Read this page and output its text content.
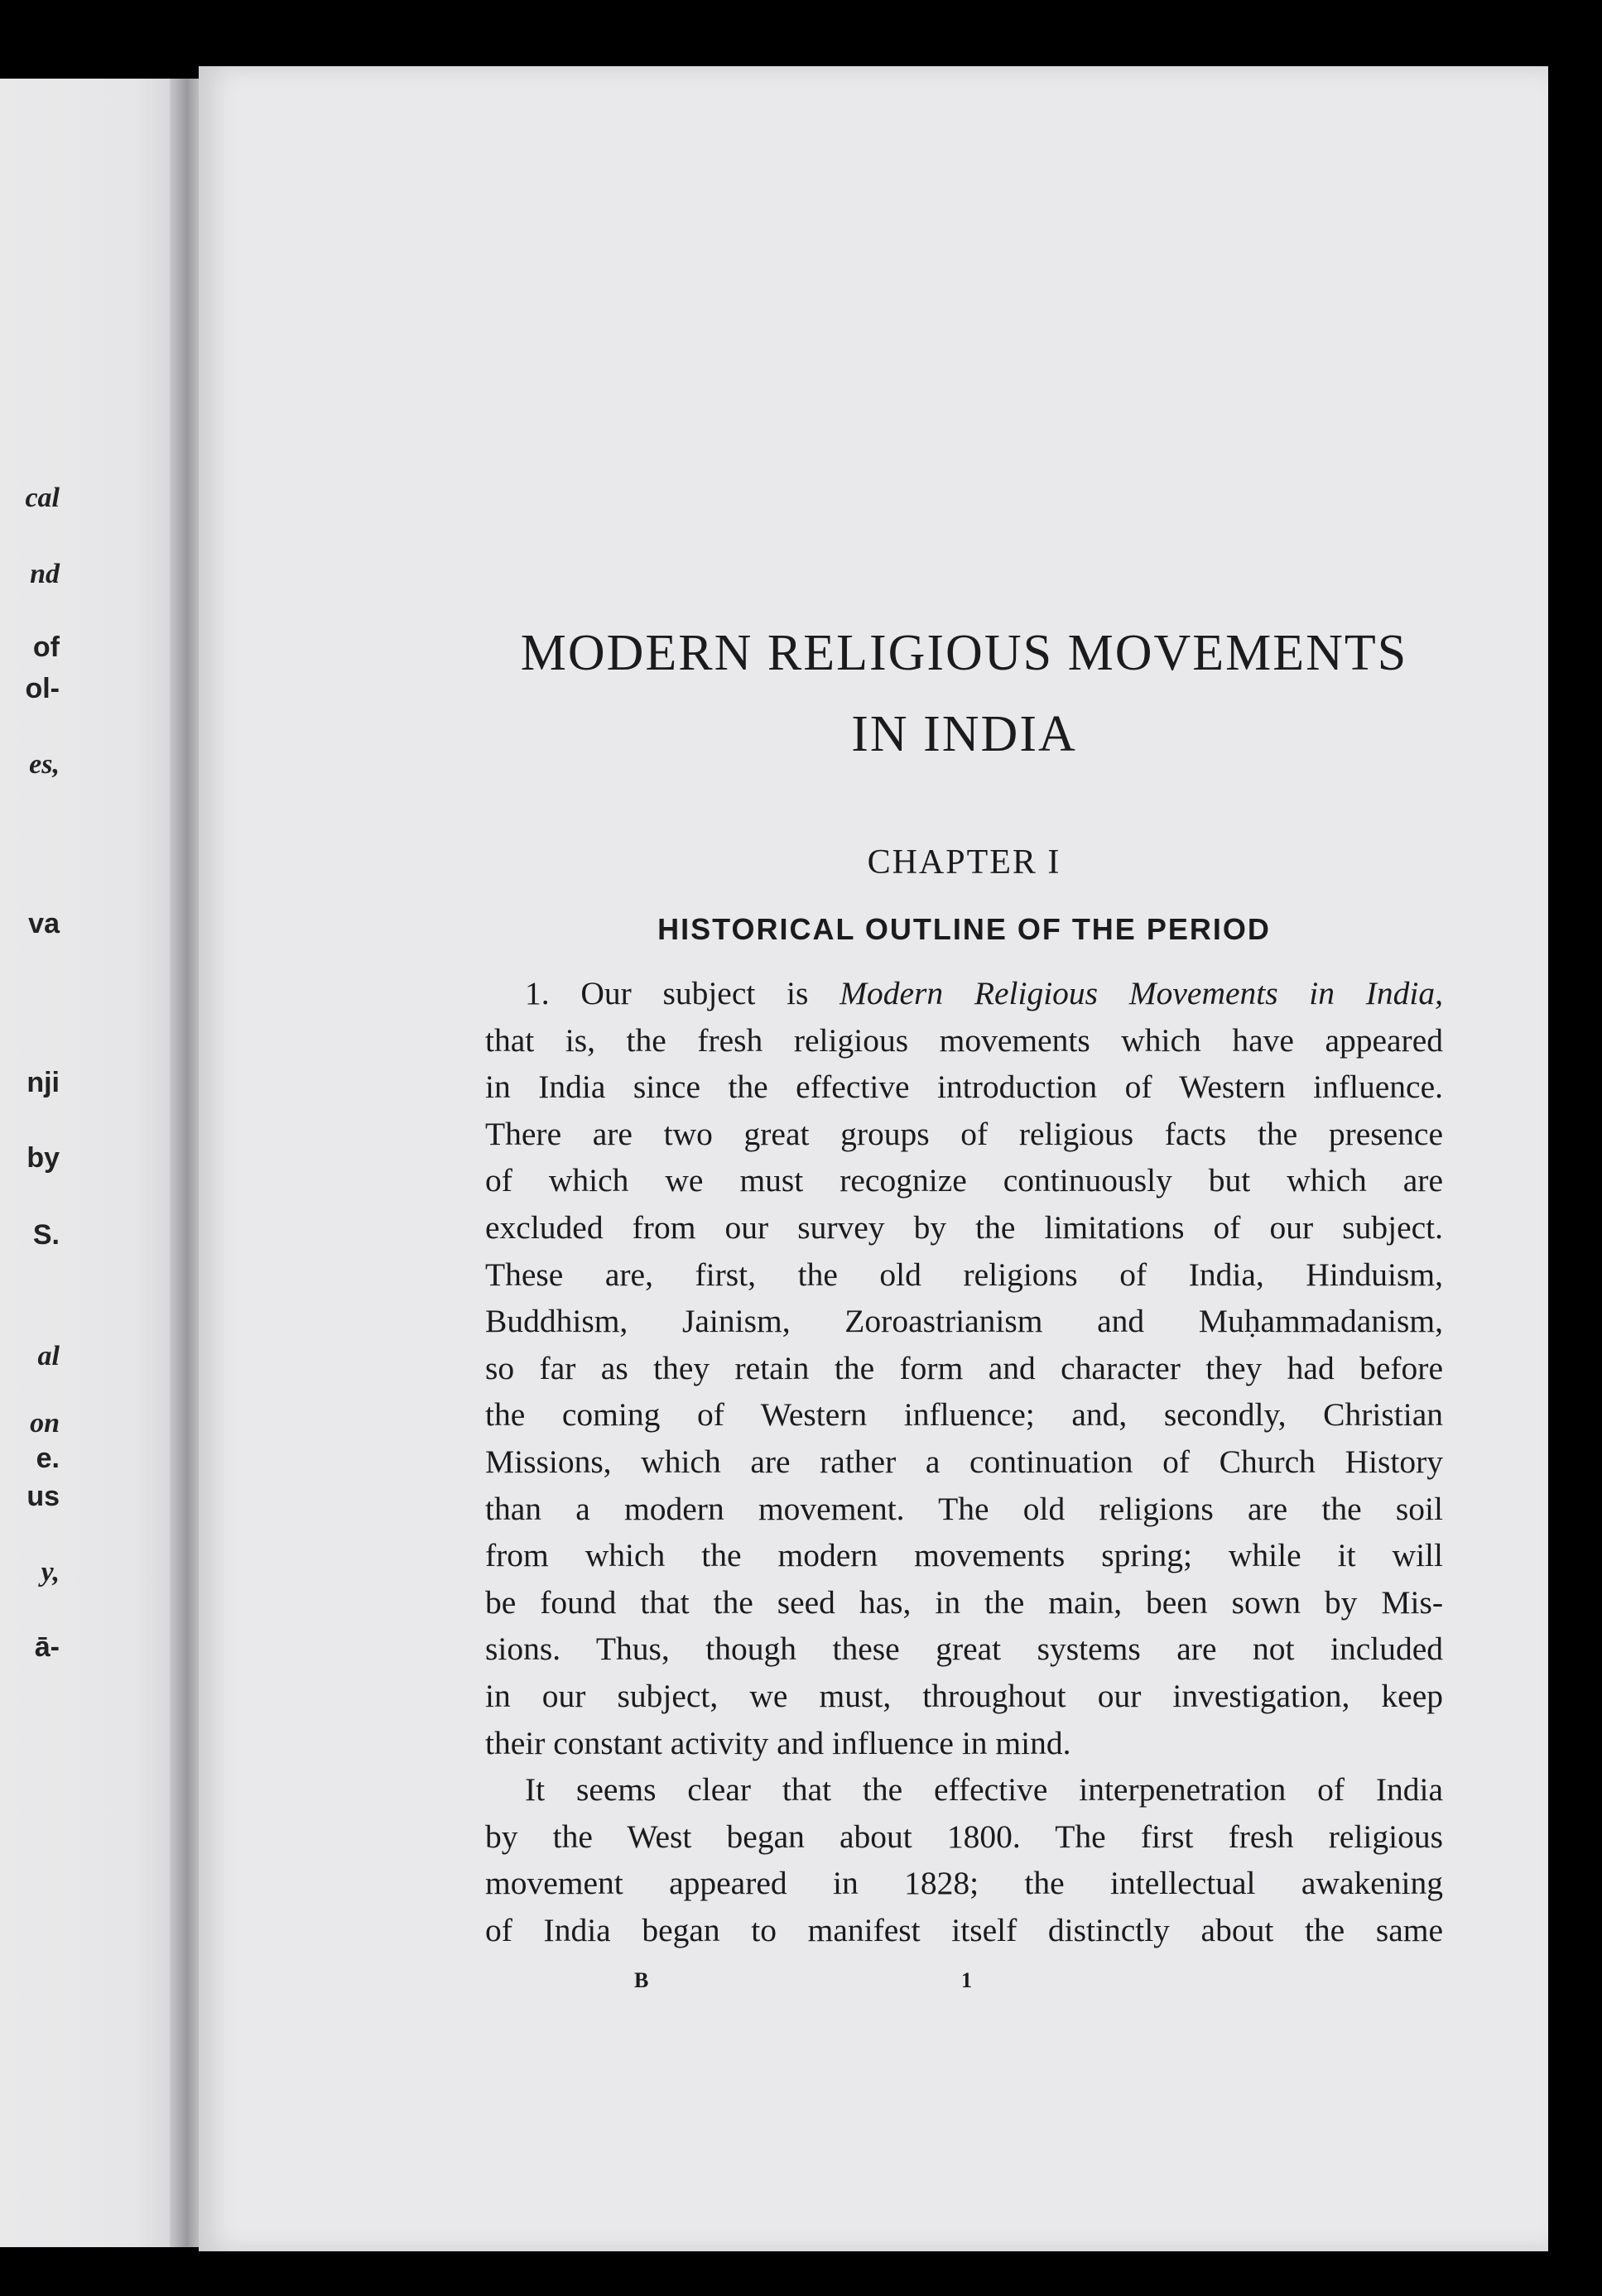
cal
nd
of
ol-
es,
va
nji
by
S.
al
on
e.
us
y,
ā-
MODERN RELIGIOUS MOVEMENTS
IN INDIA
CHAPTER I
HISTORICAL OUTLINE OF THE PERIOD
1. Our subject is Modern Religious Movements in India,
that is, the fresh religious movements which have appeared
in India since the effective introduction of Western influence.
There are two great groups of religious facts the presence
of which we must recognize continuously but which are
excluded from our survey by the limitations of our subject.
These are, first, the old religions of India, Hinduism,
Buddhism, Jainism, Zoroastrianism and Muḥammadanism,
so far as they retain the form and character they had before
the coming of Western influence; and, secondly, Christian
Missions, which are rather a continuation of Church History
than a modern movement. The old religions are the soil
from which the modern movements spring; while it will
be found that the seed has, in the main, been sown by Mis-
sions. Thus, though these great systems are not included
in our subject, we must, throughout our investigation, keep
their constant activity and influence in mind.
It seems clear that the effective interpenetration of India
by the West began about 1800. The first fresh religious
movement appeared in 1828; the intellectual awakening
of India began to manifest itself distinctly about the same
B	1
